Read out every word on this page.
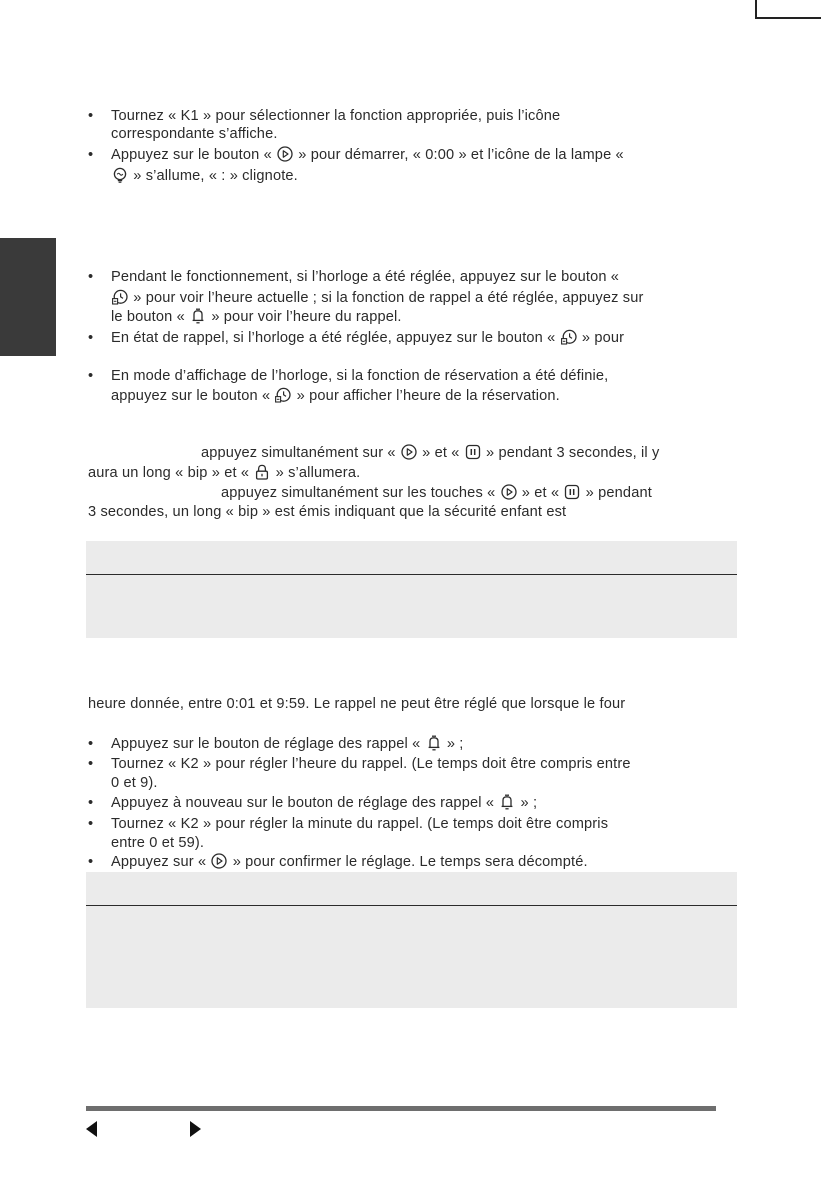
• Tournez « K1 » pour sélectionner la fonction appropriée, puis l’icône
correspondante s’affiche.
• Appuyez sur le bouton « » pour démarrer, « 0:00 » et l’icône de la lampe «
» s’allume, « : » clignote.
• Pendant le fonctionnement, si l’horloge a été réglée, appuyez sur le bouton «
» pour voir l’heure actuelle ; si la fonction de rappel a été réglée, appuyez sur
le bouton « » pour voir l’heure du rappel.
• En état de rappel, si l’horloge a été réglée, appuyez sur le bouton « » pour
• En mode d’affichage de l’horloge, si la fonction de réservation a été définie,
appuyez sur le bouton « » pour afficher l’heure de la réservation.
appuyez simultanément sur « » et « » pendant 3 secondes, il y
aura un long « bip » et « » s’allumera.
appuyez simultanément sur les touches « » et « » pendant
3 secondes, un long « bip » est émis indiquant que la sécurité enfant est
heure donnée, entre 0:01 et 9:59. Le rappel ne peut être réglé que lorsque le four
• Appuyez sur le bouton de réglage des rappel « » ;
• Tournez « K2 » pour régler l’heure du rappel. (Le temps doit être compris entre
0 et 9).
• Appuyez à nouveau sur le bouton de réglage des rappel « » ;
• Tournez « K2 » pour régler la minute du rappel. (Le temps doit être compris
entre 0 et 59).
• Appuyez sur « » pour confirmer le réglage. Le temps sera décompté.
